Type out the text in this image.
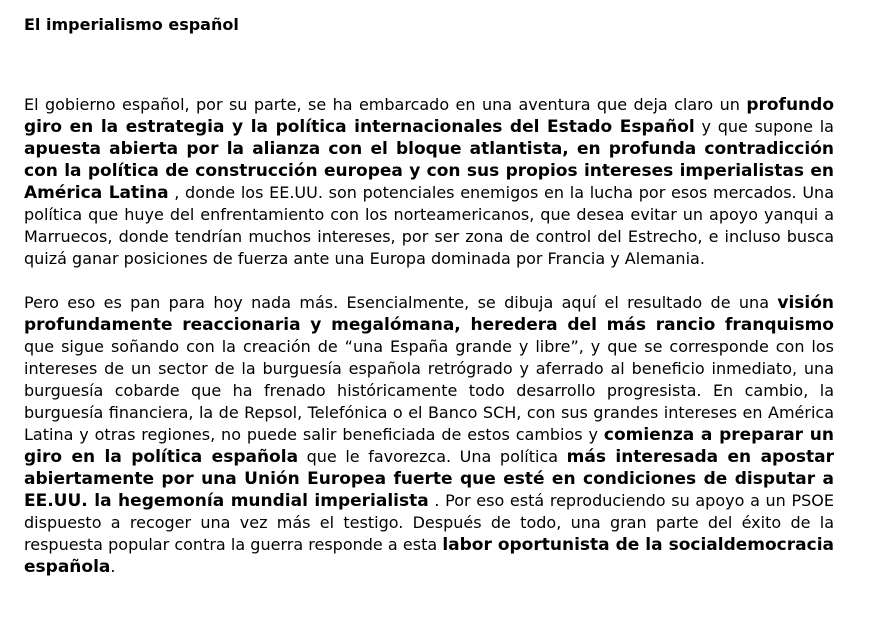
El imperialismo español

El gobierno español, por su parte, se ha embarcado en una aventura que deja claro un profundo giro en la estrategia y la política internacionales del Estado Español y que supone la apuesta abierta por la alianza con el bloque atlantista, en profunda contradicción con la política de construcción europea y con sus propios intereses imperialistas en América Latina , donde los EE.UU. son potenciales enemigos en la lucha por esos mercados. Una política que huye del enfrentamiento con los norteamericanos, que desea evitar un apoyo yanqui a Marruecos, donde tendrían muchos intereses, por ser zona de control del Estrecho, e incluso busca quizá ganar posiciones de fuerza ante una Europa dominada por Francia y Alemania.

Pero eso es pan para hoy nada más. Esencialmente, se dibuja aquí el resultado de una visión profundamente reaccionaria y megalómana, heredera del más rancio franquismo que sigue soñando con la creación de “una España grande y libre”, y que se corresponde con los intereses de un sector de la burguesía española retrógrado y aferrado al beneficio inmediato, una burguesía cobarde que ha frenado históricamente todo desarrollo progresista. En cambio, la burguesía financiera, la de Repsol, Telefónica o el Banco SCH, con sus grandes intereses en América Latina y otras regiones, no puede salir beneficiada de estos cambios y comienza a preparar un giro en la política española que le favorezca. Una política más interesada en apostar abiertamente por una Unión Europea fuerte que esté en condiciones de disputar a EE.UU. la hegemonía mundial imperialista . Por eso está reproduciendo su apoyo a un PSOE dispuesto a recoger una vez más el testigo. Después de todo, una gran parte del éxito de la respuesta popular contra la guerra responde a esta labor oportunista de la socialdemocracia española.
